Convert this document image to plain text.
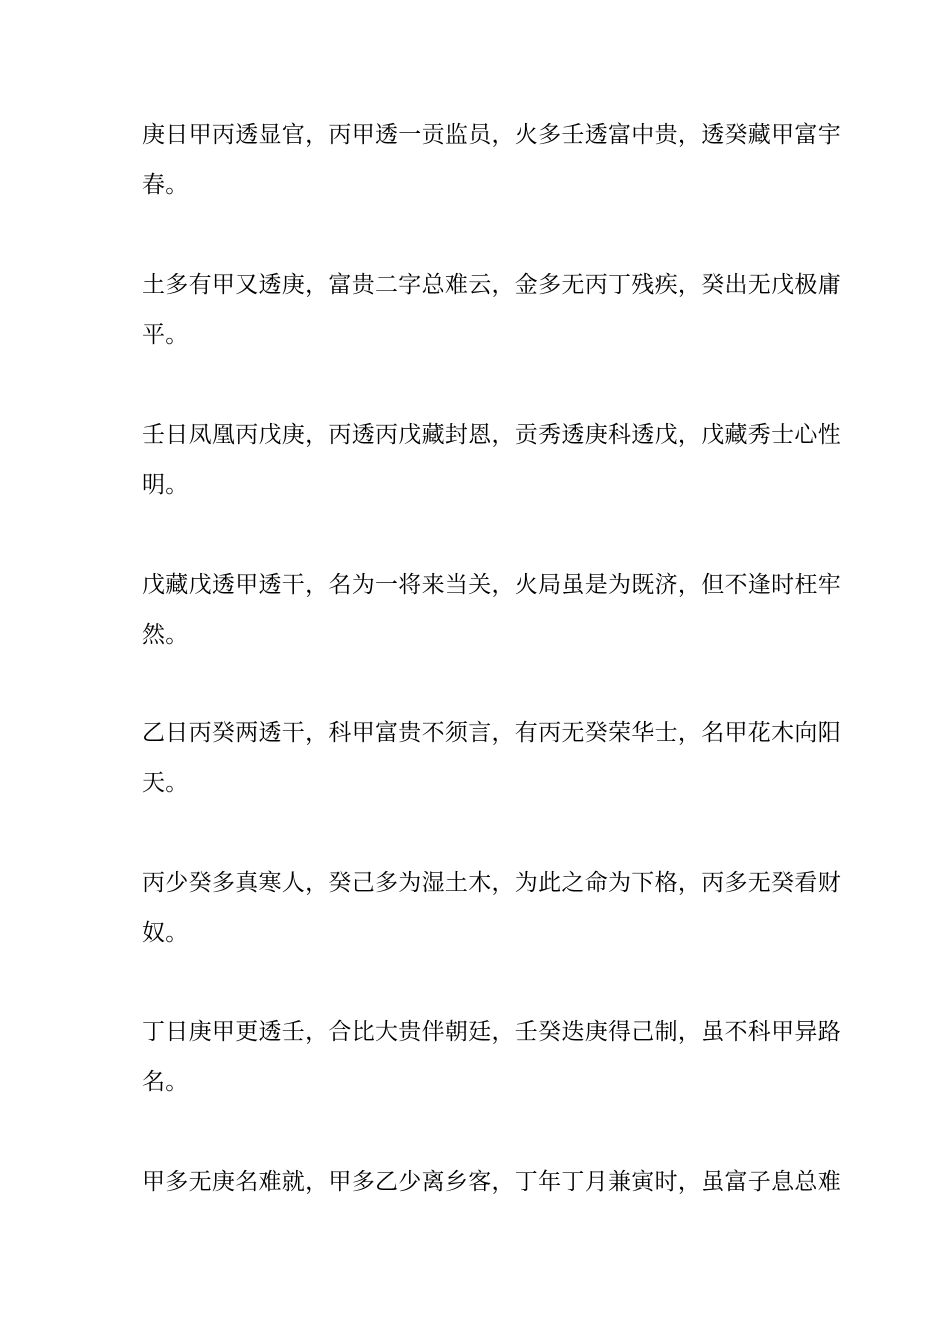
庚日甲丙透显官，丙甲透一贡监员，火多壬透富中贵，透癸藏甲富宇
春。

土多有甲又透庚，富贵二字总难云，金多无丙丁残疾，癸出无戊极庸
平。

壬日凤凰丙戊庚，丙透丙戊藏封恩，贡秀透庚科透戊，戊藏秀士心性
明。

戊藏戊透甲透干，名为一将来当关，火局虽是为既济，但不逢时枉牢
然。

乙日丙癸两透干，科甲富贵不须言，有丙无癸荣华士，名甲花木向阳
天。

丙少癸多真寒人，癸己多为湿土木，为此之命为下格，丙多无癸看财
奴。

丁日庚甲更透壬，合比大贵伴朝廷，壬癸迭庚得己制，虽不科甲异路
名。

甲多无庚名难就，甲多乙少离乡客，丁年丁月兼寅时，虽富子息总难
